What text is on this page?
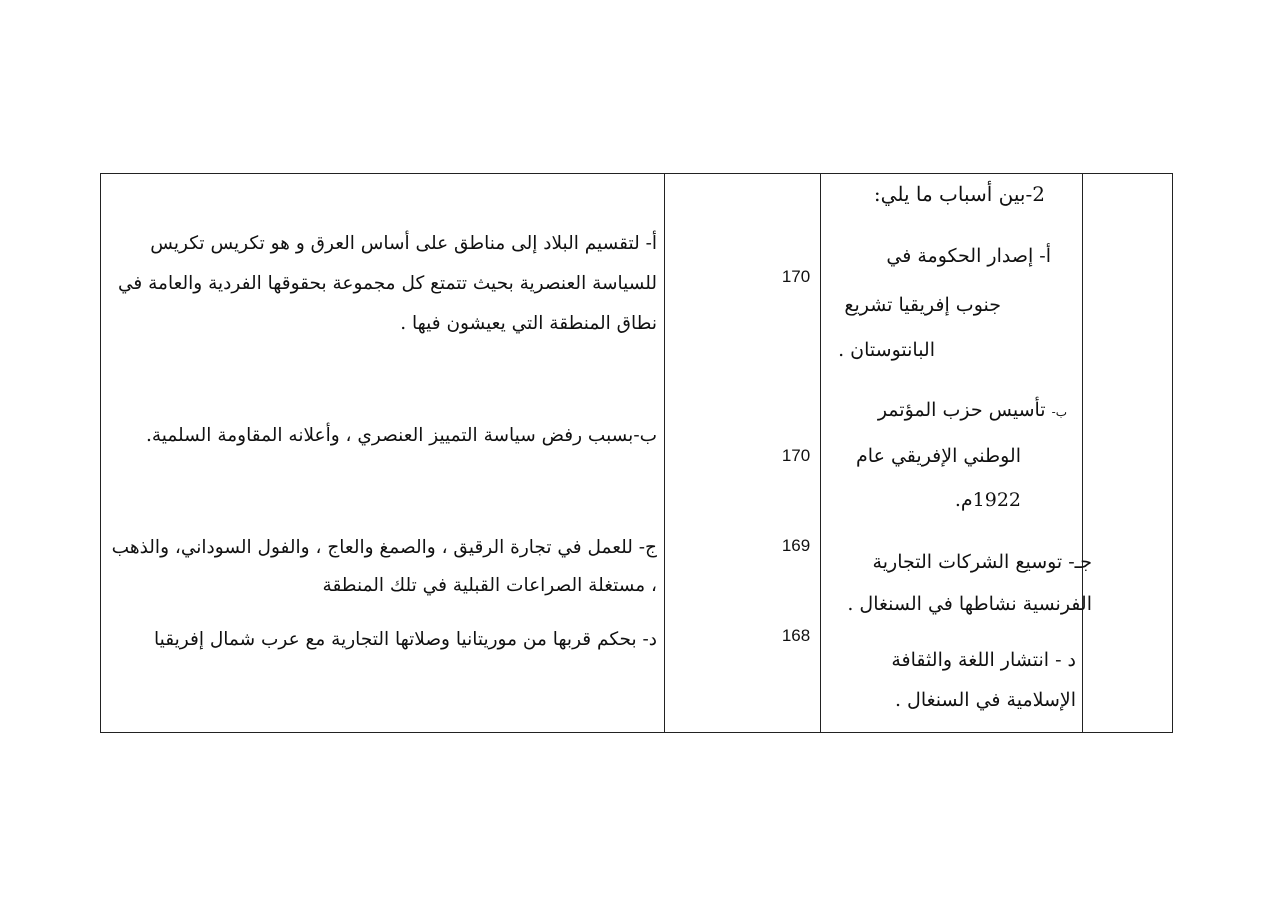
2-بين أسباب ما يلي:
أ- إصدار الحكومة في
جنوب إفريقيا تشريع
البانتوستان .
ب- تأسيس حزب المؤتمر
الوطني الإفريقي عام
1922م.
جـ- توسيع الشركات التجارية
الفرنسية نشاطها في السنغال .
د - انتشار اللغة والثقافة
الإسلامية في السنغال .
170
170
169
168
أ- لتقسيم البلاد إلى مناطق على أساس العرق و هو تكريس تكريس
للسياسة العنصرية بحيث تتمتع كل مجموعة بحقوقها الفردية والعامة في
نطاق المنطقة التي يعيشون فيها .
ب-بسبب رفض سياسة التمييز العنصري ، وأعلانه المقاومة السلمية.
ج- للعمل في تجارة الرقيق ، والصمغ والعاج ، والفول السوداني، والذهب
، مستغلة الصراعات القبلية في تلك المنطقة
د- بحكم قربها من موريتانيا وصلاتها التجارية مع عرب شمال إفريقيا
